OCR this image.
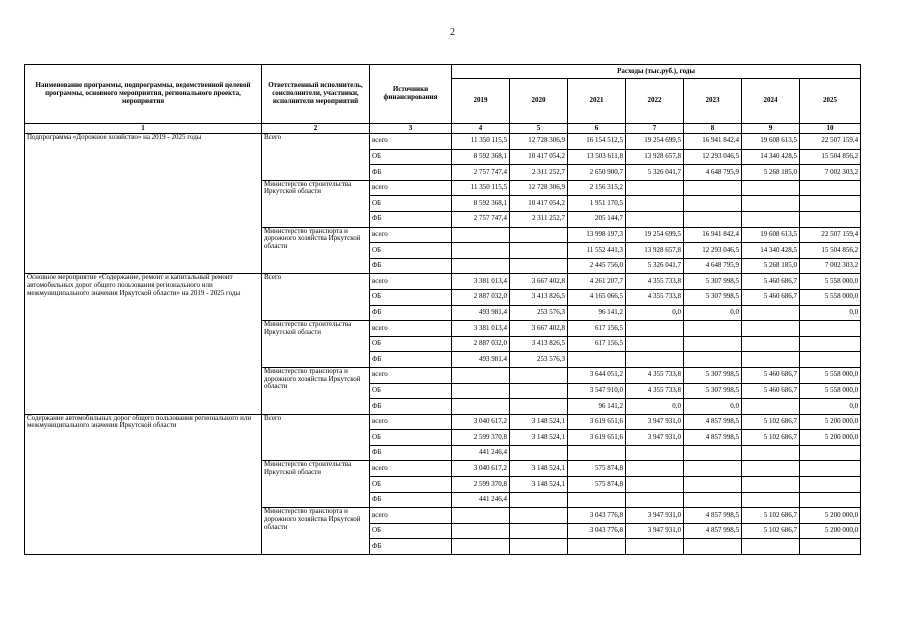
2
Наименование программы, подпрограммы, ведомственной целевой программы, основного мероприятия, регионального проекта, мероприятия	Ответственный исполнитель, соисполнители, участники, исполнители мероприятий	Источники финансирования	Расходы (тыс.руб.), годы						
			2019	2020	2021	2022	2023	2024	2025
1	2	3	4	5	6	7	8	9	10
Подпрограмма «Дорожное хозяйство» на 2019 - 2025 годы	Всего	всего	11 350 115,5	12 728 306,9	16 154 512,5	19 254 699,5	16 941 842,4	19 608 613,5	22 507 159,4
		ОБ	8 592 368,1	10 417 054,2	13 503 611,8	13 928 657,8	12 293 046,5	14 340 428,5	15 504 856,2
		ФБ	2 757 747,4	2 311 252,7	2 650 900,7	5 326 041,7	4 648 795,9	5 268 185,0	7 002 303,2
	Министерство строительства Иркутской области	всего	11 350 115,5	12 728 306,9	2 156 315,2				
		ОБ	8 592 368,1	10 417 054,2	1 951 170,5				
		ФБ	2 757 747,4	2 311 252,7	205 144,7				
	Министерство транспорта и дорожного хозяйства Иркутской области	всего			13 998 197,3	19 254 699,5	16 941 842,4	19 608 613,5	22 507 159,4
		ОБ			11 552 441,3	13 928 657,8	12 293 046,5	14 340 428,5	15 504 856,2
		ФБ			2 445 756,0	5 326 041,7	4 648 795,9	5 268 185,0	7 002 303,2
Основное мероприятие «Содержание, ремонт и капитальный ремонт автомобильных дорог общего пользования регионального или межмуниципального значения Иркутской области» на 2019 - 2025 годы	Всего	всего	3 381 013,4	3 667 402,8	4 261 207,7	4 355 733,8	5 307 998,5	5 460 686,7	5 558 000,0
		ОБ	2 887 032,0	3 413 826,5	4 165 066,5	4 355 733,8	5 307 998,5	5 460 686,7	5 558 000,0
		ФБ	493 981,4	253 576,3	96 141,2	0,0	0,0		0,0
	Министерство строительства Иркутской области	всего	3 381 013,4	3 667 402,8	617 156,5				
		ОБ	2 887 032,0	3 413 826,5	617 156,5				
		ФБ	493 981,4	253 576,3					
	Министерство транспорта и дорожного хозяйства Иркутской области	всего			3 644 051,2	4 355 733,8	5 307 998,5	5 460 686,7	5 558 000,0
		ОБ			3 547 910,0	4 355 733,8	5 307 998,5	5 460 686,7	5 558 000,0
		ФБ			96 141,2	0,0	0,0		0,0
Содержание автомобильных дорог общего пользования регионального или межмуниципального значения Иркутской области	Всего	всего	3 040 617,2	3 148 524,1	3 619 651,6	3 947 931,0	4 857 998,5	5 102 686,7	5 200 000,0
		ОБ	2 599 370,8	3 148 524,1	3 619 651,6	3 947 931,0	4 857 998,5	5 102 686,7	5 200 000,0
		ФБ	441 246,4						
	Министерство строительства Иркутской области	всего	3 040 617,2	3 148 524,1	575 874,8				
		ОБ	2 599 370,8	3 148 524,1	575 874,8				
		ФБ	441 246,4						
	Министерство транспорта и дорожного хозяйства Иркутской области	всего			3 043 776,8	3 947 931,0	4 857 998,5	5 102 686,7	5 200 000,0
		ОБ			3 043 776,8	3 947 931,0	4 857 998,5	5 102 686,7	5 200 000,0
		ФБ							
